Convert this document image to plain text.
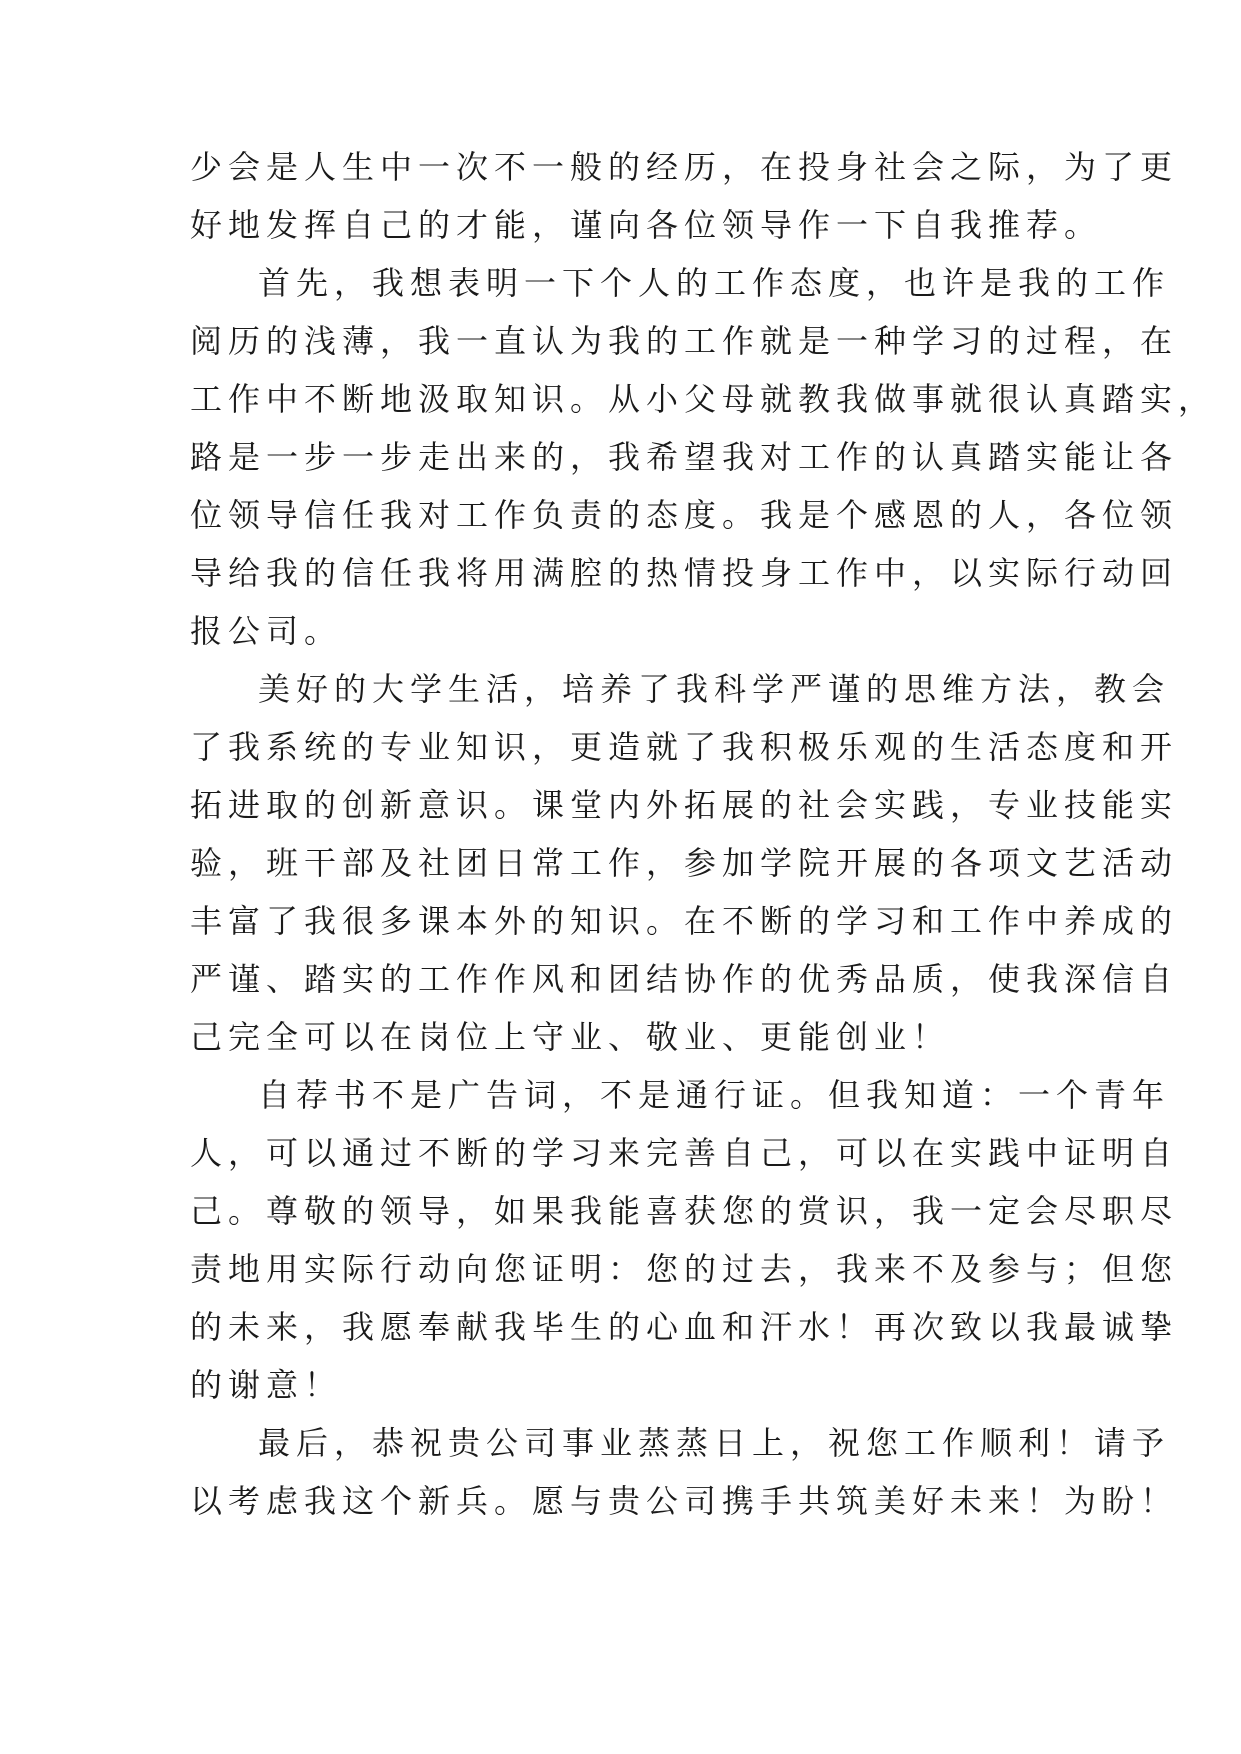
少会是人生中一次不一般的经历，在投身社会之际，为了更
好地发挥自己的才能，谨向各位领导作一下自我推荐。
首先，我想表明一下个人的工作态度，也许是我的工作
阅历的浅薄，我一直认为我的工作就是一种学习的过程，在
工作中不断地汲取知识。从小父母就教我做事就很认真踏实，
路是一步一步走出来的，我希望我对工作的认真踏实能让各
位领导信任我对工作负责的态度。我是个感恩的人，各位领
导给我的信任我将用满腔的热情投身工作中，以实际行动回
报公司。
美好的大学生活，培养了我科学严谨的思维方法，教会
了我系统的专业知识，更造就了我积极乐观的生活态度和开
拓进取的创新意识。课堂内外拓展的社会实践，专业技能实
验，班干部及社团日常工作，参加学院开展的各项文艺活动
丰富了我很多课本外的知识。在不断的学习和工作中养成的
严谨、踏实的工作作风和团结协作的优秀品质，使我深信自
己完全可以在岗位上守业、敬业、更能创业！
自荐书不是广告词，不是通行证。但我知道：一个青年
人，可以通过不断的学习来完善自己，可以在实践中证明自
己。尊敬的领导，如果我能喜获您的赏识，我一定会尽职尽
责地用实际行动向您证明：您的过去，我来不及参与；但您
的未来，我愿奉献我毕生的心血和汗水！再次致以我最诚挚
的谢意！
最后，恭祝贵公司事业蒸蒸日上，祝您工作顺利！请予
以考虑我这个新兵。愿与贵公司携手共筑美好未来！为盼！
